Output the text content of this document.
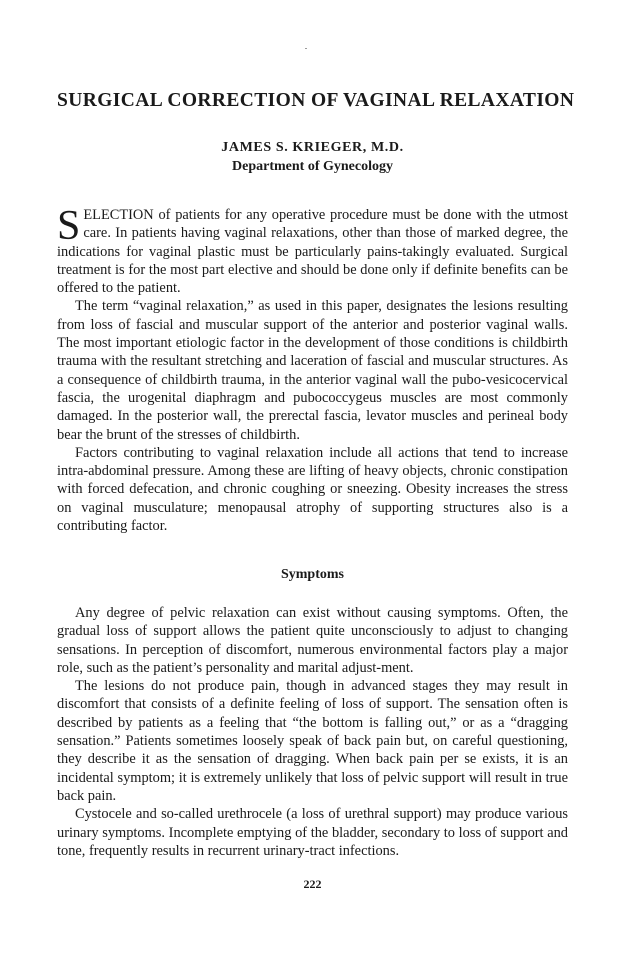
SURGICAL CORRECTION OF VAGINAL RELAXATION
JAMES S. KRIEGER, M.D.
Department of Gynecology

SELECTION of patients for any operative procedure must be done with the utmost care. In patients having vaginal relaxations, other than those of marked degree, the indications for vaginal plastic must be particularly pains-takingly evaluated. Surgical treatment is for the most part elective and should be done only if definite benefits can be offered to the patient.

The term “vaginal relaxation,” as used in this paper, designates the lesions resulting from loss of fascial and muscular support of the anterior and posterior vaginal walls. The most important etiologic factor in the development of those conditions is childbirth trauma with the resultant stretching and laceration of fascial and muscular structures. As a consequence of childbirth trauma, in the anterior vaginal wall the pubo-vesicocervical fascia, the urogenital diaphragm and pubococcygeus muscles are most commonly damaged. In the posterior wall, the prerectal fascia, levator muscles and perineal body bear the brunt of the stresses of childbirth.

Factors contributing to vaginal relaxation include all actions that tend to increase intra-abdominal pressure. Among these are lifting of heavy objects, chronic constipation with forced defecation, and chronic coughing or sneezing. Obesity increases the stress on vaginal musculature; menopausal atrophy of supporting structures also is a contributing factor.

Symptoms

Any degree of pelvic relaxation can exist without causing symptoms. Often, the gradual loss of support allows the patient quite unconsciously to adjust to changing sensations. In perception of discomfort, numerous environmental factors play a major role, such as the patient’s personality and marital adjust-ment.

The lesions do not produce pain, though in advanced stages they may result in discomfort that consists of a definite feeling of loss of support. The sensation often is described by patients as a feeling that “the bottom is falling out,” or as a “dragging sensation.” Patients sometimes loosely speak of back pain but, on careful questioning, they describe it as the sensation of dragging. When back pain per se exists, it is an incidental symptom; it is extremely unlikely that loss of pelvic support will result in true back pain.

Cystocele and so-called urethrocele (a loss of urethral support) may produce various urinary symptoms. Incomplete emptying of the bladder, secondary to loss of support and tone, frequently results in recurrent urinary-tract infections.

222
